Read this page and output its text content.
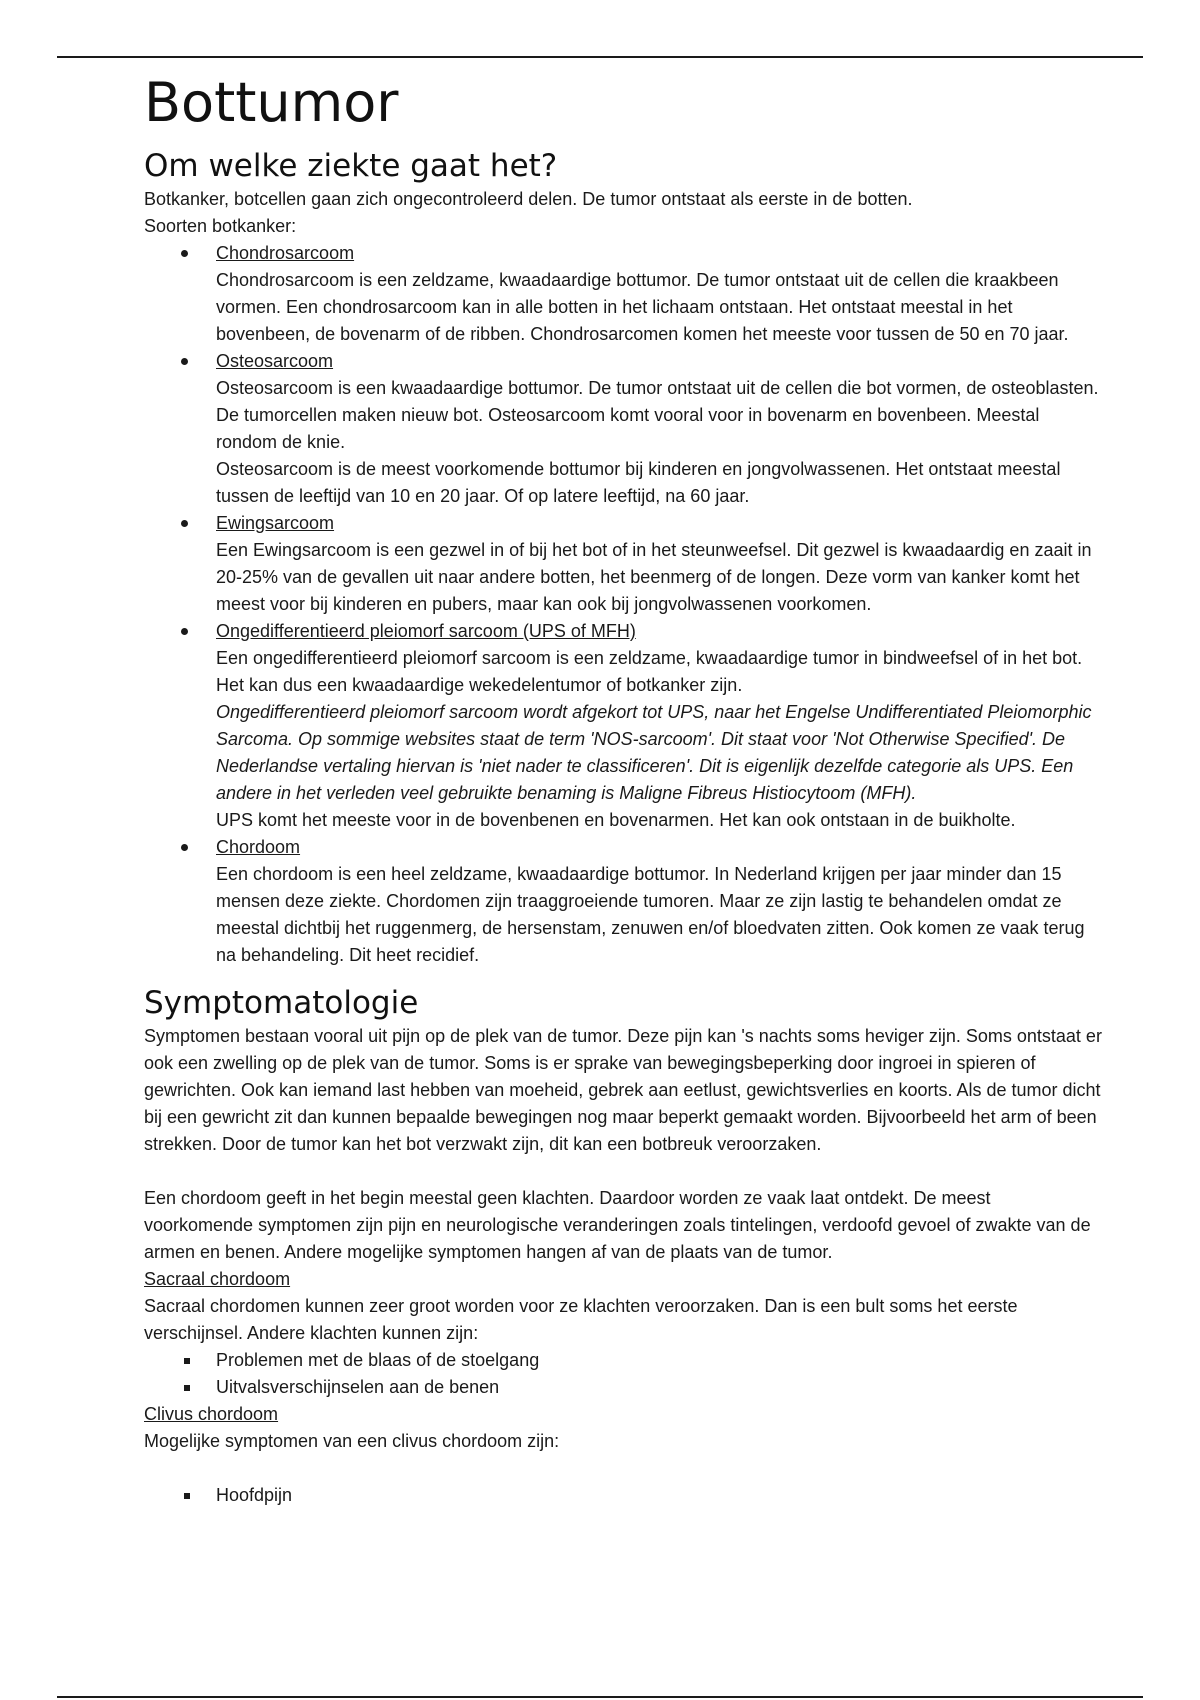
Bottumor
Om welke ziekte gaat het?

Botkanker, botcellen gaan zich ongecontroleerd delen. De tumor ontstaat als eerste in de botten.

Soorten botkanker:

Chondrosarcoom

Chondrosarcoom is een zeldzame, kwaadaardige bottumor. De tumor ontstaat uit de cellen die kraakbeen vormen. Een chondrosarcoom kan in alle botten in het lichaam ontstaan. Het ontstaat meestal in het bovenbeen, de bovenarm of de ribben. Chondrosarcomen komen het meeste voor tussen de 50 en 70 jaar.

Osteosarcoom

Osteosarcoom is een kwaadaardige bottumor. De tumor ontstaat uit de cellen die bot vormen, de osteoblasten. De tumorcellen maken nieuw bot. Osteosarcoom komt vooral voor in bovenarm en bovenbeen. Meestal rondom de knie.

Osteosarcoom is de meest voorkomende bottumor bij kinderen en jongvolwassenen. Het ontstaat meestal tussen de leeftijd van 10 en 20 jaar. Of op latere leeftijd, na 60 jaar.

Ewingsarcoom

Een Ewingsarcoom is een gezwel in of bij het bot of in het steunweefsel. Dit gezwel is kwaadaardig en zaait in 20-25% van de gevallen uit naar andere botten, het beenmerg of de longen. Deze vorm van kanker komt het meest voor bij kinderen en pubers, maar kan ook bij jongvolwassenen voorkomen.

Ongedifferentieerd pleiomorf sarcoom (UPS of MFH)

Een ongedifferentieerd pleiomorf sarcoom is een zeldzame, kwaadaardige tumor in bindweefsel of in het bot. Het kan dus een kwaadaardige wekedelentumor of botkanker zijn.

Ongedifferentieerd pleiomorf sarcoom wordt afgekort tot UPS, naar het Engelse Undifferentiated Pleiomorphic Sarcoma. Op sommige websites staat de term 'NOS-sarcoom'. Dit staat voor 'Not Otherwise Specified'. De Nederlandse vertaling hiervan is 'niet nader te classificeren'. Dit is eigenlijk dezelfde categorie als UPS. Een andere in het verleden veel gebruikte benaming is Maligne Fibreus Histiocytoom (MFH).

UPS komt het meeste voor in de bovenbenen en bovenarmen. Het kan ook ontstaan in de buikholte.

Chordoom

Een chordoom is een heel zeldzame, kwaadaardige bottumor. In Nederland krijgen per jaar minder dan 15 mensen deze ziekte. Chordomen zijn traaggroeiende tumoren. Maar ze zijn lastig te behandelen omdat ze meestal dichtbij het ruggenmerg, de hersenstam, zenuwen en/of bloedvaten zitten. Ook komen ze vaak terug na behandeling. Dit heet recidief.

Symptomatologie

Symptomen bestaan vooral uit pijn op de plek van de tumor. Deze pijn kan 's nachts soms heviger zijn. Soms ontstaat er ook een zwelling op de plek van de tumor. Soms is er sprake van bewegingsbeperking door ingroei in spieren of gewrichten. Ook kan iemand last hebben van moeheid, gebrek aan eetlust, gewichtsverlies en koorts. Als de tumor dicht bij een gewricht zit dan kunnen bepaalde bewegingen nog maar beperkt gemaakt worden. Bijvoorbeeld het arm of been strekken. Door de tumor kan het bot verzwakt zijn, dit kan een botbreuk veroorzaken.

Een chordoom geeft in het begin meestal geen klachten. Daardoor worden ze vaak laat ontdekt. De meest voorkomende symptomen zijn pijn en neurologische veranderingen zoals tintelingen, verdoofd gevoel of zwakte van de armen en benen. Andere mogelijke symptomen hangen af van de plaats van de tumor.

Sacraal chordoom

Sacraal chordomen kunnen zeer groot worden voor ze klachten veroorzaken. Dan is een bult soms het eerste verschijnsel. Andere klachten kunnen zijn:

Problemen met de blaas of de stoelgang
Uitvalsverschijnselen aan de benen

Clivus chordoom

Mogelijke symptomen van een clivus chordoom zijn:

Hoofdpijn
